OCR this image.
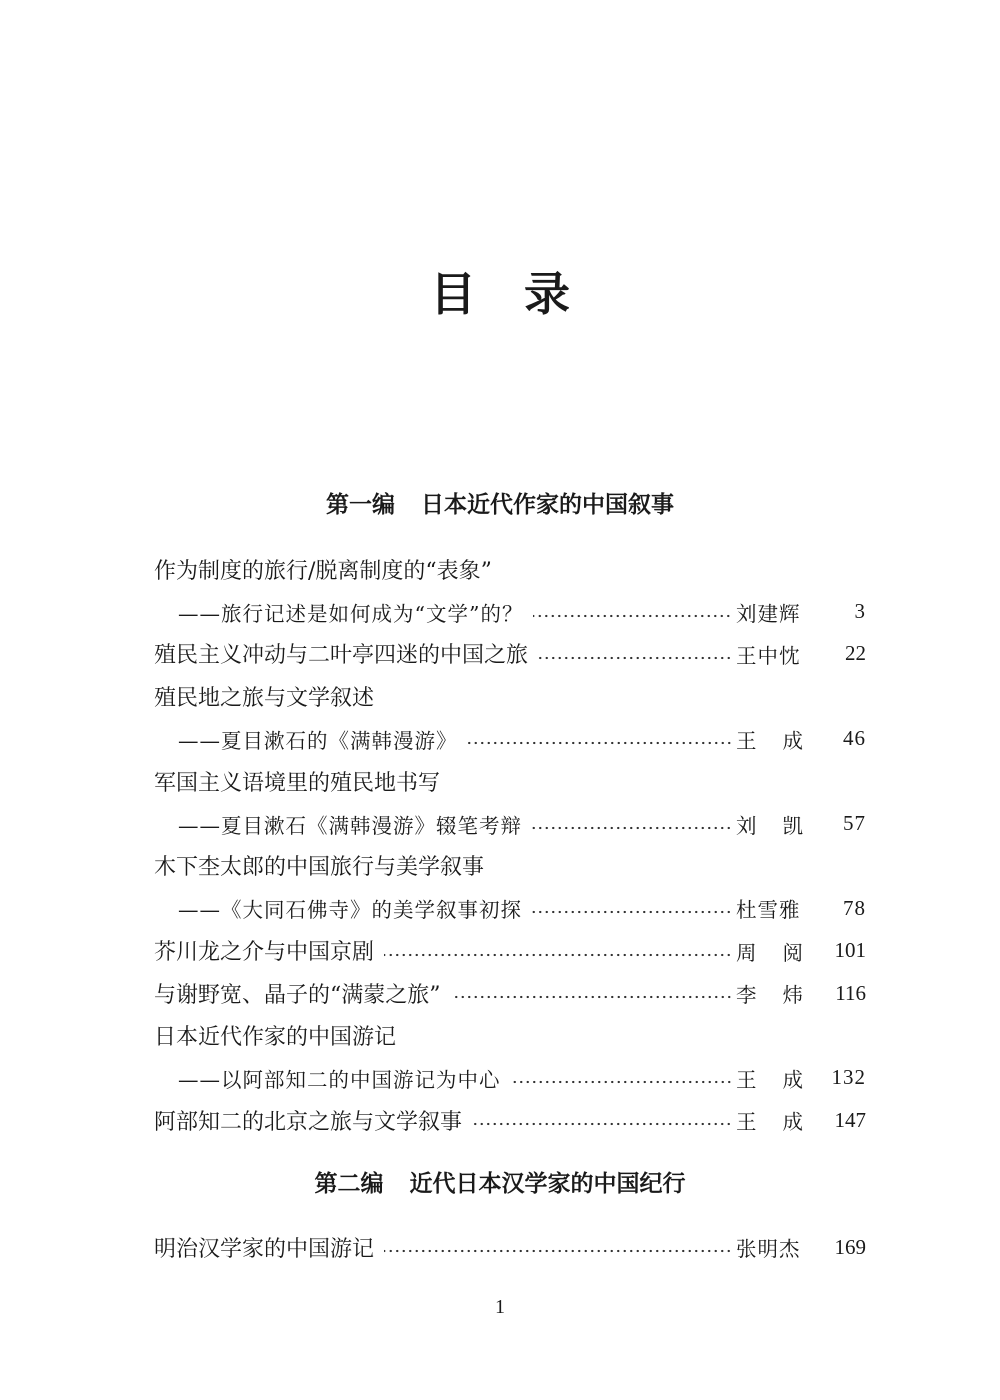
目 录
第一编 日本近代作家的中国叙事
作为制度的旅行/脱离制度的“表象”
——旅行记述是如何成为“文学”的？	刘建辉	3
殖民主义冲动与二叶亭四迷的中国之旅	王中忱	22
殖民地之旅与文学叙述
——夏目漱石的《满韩漫游》	王 成	46
军国主义语境里的殖民地书写
——夏目漱石《满韩漫游》辍笔考辩	刘 凯	57
木下杢太郎的中国旅行与美学叙事
——《大同石佛寺》的美学叙事初探	杜雪雅	78
芥川龙之介与中国京剧	周 阅	101
与谢野宽、晶子的“满蒙之旅”	李 炜	116
日本近代作家的中国游记
——以阿部知二的中国游记为中心	王 成	132
阿部知二的北京之旅与文学叙事	王 成	147
第二编 近代日本汉学家的中国纪行
明治汉学家的中国游记	张明杰	169
1
